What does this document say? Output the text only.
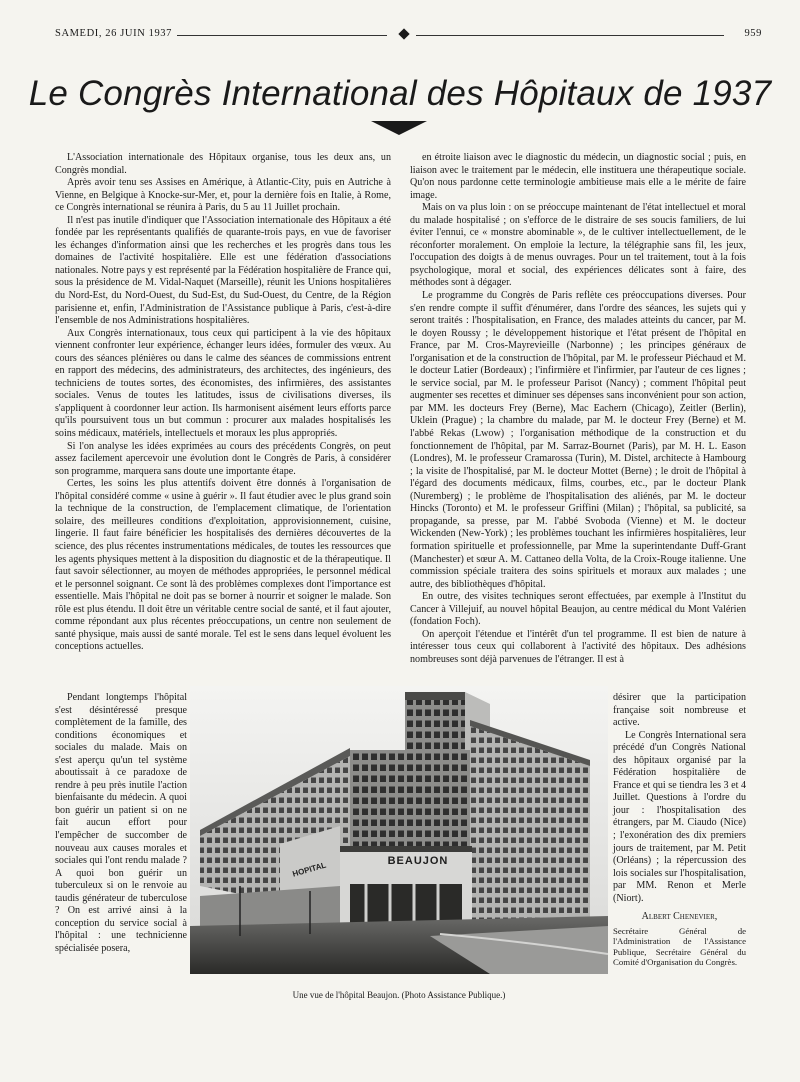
SAMEDI, 26 JUIN 1937	959
Le Congrès International des Hôpitaux de 1937

L'Association internationale des Hôpitaux organise, tous les deux ans, un Congrès mondial.

Après avoir tenu ses Assises en Amérique, à Atlantic-City, puis en Autriche à Vienne, en Belgique à Knocke-sur-Mer, et, pour la dernière fois en Italie, à Rome, ce Congrès international se réunira à Paris, du 5 au 11 Juillet prochain.

Il n'est pas inutile d'indiquer que l'Association internationale des Hôpitaux a été fondée par les représentants qualifiés de quarante-trois pays, en vue de favoriser les échanges d'information ainsi que les recherches et les progrès dans tous les domaines de l'activité hospitalière. Elle est une fédération d'associations nationales. Notre pays y est représenté par la Fédération hospitalière de France qui, sous la présidence de M. Vidal-Naquet (Marseille), réunit les Unions hospitalières du Nord-Est, du Nord-Ouest, du Sud-Est, du Sud-Ouest, du Centre, de la Région parisienne et, enfin, l'Administration de l'Assistance publique à Paris, c'est-à-dire l'ensemble de nos Administrations hospitalières.

Aux Congrès internationaux, tous ceux qui participent à la vie des hôpitaux viennent confronter leur expérience, échanger leurs idées, formuler des vœux. Au cours des séances plénières ou dans le calme des séances de commissions entrent en rapport des médecins, des administrateurs, des architectes, des ingénieurs, des techniciens de toutes sortes, des économistes, des infirmières, des assistantes sociales. Venus de toutes les latitudes, issus de civilisations diverses, ils s'appliquent à coordonner leur action. Ils harmonisent aisément leurs efforts parce qu'ils poursuivent tous un but commun : procurer aux malades hospitalisés les soins médicaux, matériels, intellectuels et moraux les plus appropriés.

Si l'on analyse les idées exprimées au cours des précédents Congrès, on peut assez facilement apercevoir une évolution dont le Congrès de Paris, à considérer son programme, marquera sans doute une importante étape.

Certes, les soins les plus attentifs doivent être donnés à l'organisation de l'hôpital considéré comme « usine à guérir ». Il faut étudier avec le plus grand soin la technique de la construction, de l'emplacement climatique, de l'orientation solaire, des meilleures conditions d'exploitation, approvisionnement, cuisine, lingerie. Il faut faire bénéficier les hospitalisés des dernières découvertes de la science, des plus récentes instrumentations médicales, de toutes les ressources que les agents physiques mettent à la disposition du diagnostic et de la thérapeutique. Il faut savoir sélectionner, au moyen de méthodes appropriées, le personnel médical et le personnel soignant. Ce sont là des problèmes complexes dont l'importance est essentielle. Mais l'hôpital ne doit pas se borner à nourrir et soigner le malade. Son rôle est plus étendu. Il doit être un véritable centre social de santé, et il faut ajouter, comme répondant aux plus récentes préoccupations, un centre non seulement de santé physique, mais aussi de santé morale. Tel est le sens dans lequel évoluent les conceptions actuelles.

Pendant longtemps l'hôpital s'est désintéressé presque complètement de la famille, des conditions économiques et sociales du malade. Mais on s'est aperçu qu'un tel système aboutissait à ce paradoxe de rendre à peu près inutile l'action bienfaisante du médecin. A quoi bon guérir un patient si on ne fait aucun effort pour l'empêcher de succomber de nouveau aux causes morales et sociales qui l'ont rendu malade ? A quoi bon guérir un tuberculeux si on le renvoie au taudis générateur de tuberculose ? On est arrivé ainsi à la conception du service social à l'hôpital : une technicienne spécialisée posera,

en étroite liaison avec le diagnostic du médecin, un diagnostic social ; puis, en liaison avec le traitement par le médecin, elle instituera une thérapeutique sociale. Qu'on nous pardonne cette terminologie ambitieuse mais elle a le mérite de faire image.

Mais on va plus loin : on se préoccupe maintenant de l'état intellectuel et moral du malade hospitalisé ; on s'efforce de le distraire de ses soucis familiers, de lui éviter l'ennui, ce « monstre abominable », de le cultiver intellectuellement, de le réconforter moralement. On emploie la lecture, la télégraphie sans fil, les jeux, l'occupation des doigts à de menus ouvrages. Pour un tel traitement, tout à la fois psychologique, moral et social, des expériences délicates sont à faire, des méthodes sont à dégager.

Le programme du Congrès de Paris reflète ces préoccupations diverses. Pour s'en rendre compte il suffit d'énumérer, dans l'ordre des séances, les sujets qui y seront traités : l'hospitalisation, en France, des malades atteints du cancer, par M. le doyen Roussy ; le développement historique et l'état présent de l'hôpital en France, par M. Cros-Mayrevieille (Narbonne) ; les principes généraux de l'organisation et de la construction de l'hôpital, par M. le professeur Piéchaud et M. le docteur Latier (Bordeaux) ; l'infirmière et l'infirmier, par l'auteur de ces lignes ; le service social, par M. le professeur Parisot (Nancy) ; comment l'hôpital peut augmenter ses recettes et diminuer ses dépenses sans inconvénient pour son action, par MM. les docteurs Frey (Berne), Mac Eachern (Chicago), Zeitler (Berlin), Uklein (Prague) ; la chambre du malade, par M. le docteur Frey (Berne) et M. l'abbé Rekas (Lwow) ; l'organisation méthodique de la construction et du fonctionnement de l'hôpital, par M. Sarraz-Bournet (Paris), par M. H. L. Eason (Londres), M. le professeur Cramarossa (Turin), M. Distel, architecte à Hambourg ; la visite de l'hospitalisé, par M. le docteur Mottet (Berne) ; le droit de l'hôpital à l'égard des documents médicaux, films, courbes, etc., par le docteur Plank (Nuremberg) ; le problème de l'hospitalisation des aliénés, par M. le docteur Hincks (Toronto) et M. le professeur Griffini (Milan) ; l'hôpital, sa publicité, sa propagande, sa presse, par M. l'abbé Svoboda (Vienne) et M. le docteur Wickenden (New-York) ; les problèmes touchant les infirmières hospitalières, leur formation spirituelle et professionnelle, par Mme la superintendante Duff-Grant (Manchester) et sœur A. M. Cattaneo della Volta, de la Croix-Rouge italienne. Une commission spéciale traitera des soins spirituels et moraux aux malades ; une autre, des bibliothèques d'hôpital.

En outre, des visites techniques seront effectuées, par exemple à l'Institut du Cancer à Villejuif, au nouvel hôpital Beaujon, au centre médical du Mont Valérien (fondation Foch).

On aperçoit l'étendue et l'intérêt d'un tel programme. Il est bien de nature à intéresser tous ceux qui collaborent à l'activité des hôpitaux. Des adhésions nombreuses sont déjà parvenues de l'étranger. Il est à

désirer que la participation française soit nombreuse et active.

Le Congrès International sera précédé d'un Congrès National des hôpitaux organisé par la Fédération hospitalière de France et qui se tiendra les 3 et 4 Juillet. Questions à l'ordre du jour : l'hospitalisation des étrangers, par M. Ciaudo (Nice) ; l'exonération des dix premiers jours de traitement, par M. Petit (Orléans) ; la répercussion des lois sociales sur l'hospitalisation, par MM. Renon et Merle (Niort).

Albert Chenevier,
Secrétaire Général de l'Administration de l'Assistance Publique, Secrétaire Général du Comité d'Organisation du Congrès.
BEAUJON
HOPITAL
Une vue de l'hôpital Beaujon. (Photo Assistance Publique.)
